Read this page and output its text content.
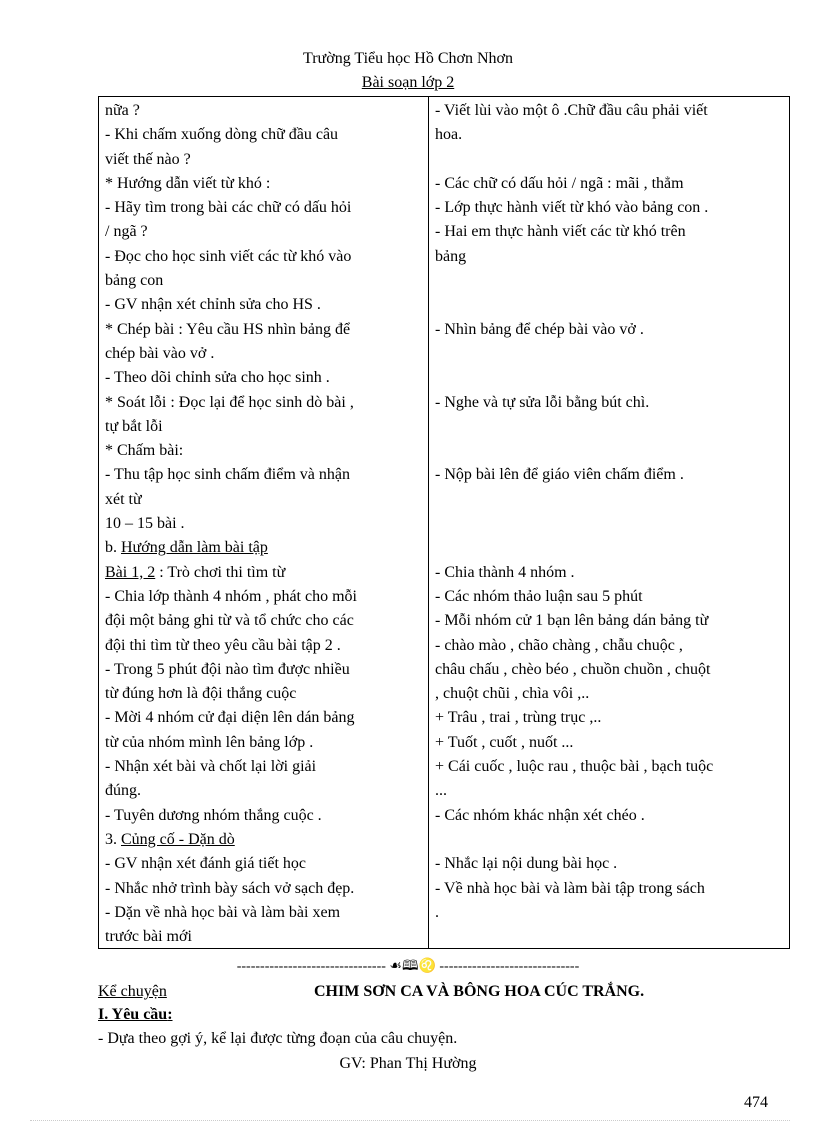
Trường Tiểu học Hồ Chơn Nhơn
Bài soạn lớp 2
nữa ?
- Khi chấm xuống dòng chữ đầu câu
viết thế nào ?
* Hướng dẫn viết từ khó :
- Hãy tìm trong bài các chữ có dấu hỏi
/ ngã ?
- Đọc cho học sinh viết các từ khó vào
bảng con
- GV nhận xét chỉnh sửa cho HS .
* Chép bài : Yêu cầu HS nhìn bảng để
chép bài vào vở .
- Theo dõi chỉnh sửa cho học sinh .
* Soát lỗi : Đọc lại để học sinh dò bài ,
tự bắt lỗi
* Chấm bài:
- Thu tập học sinh chấm điểm và nhận
xét từ
10 – 15 bài .
b. Hướng dẫn làm bài tập
Bài 1, 2 : Trò chơi thi tìm từ
- Chia lớp thành 4 nhóm , phát cho mỗi
đội một bảng ghi từ và tổ chức cho các
đội thi tìm từ theo yêu cầu bài tập 2 .
- Trong 5 phút đội nào tìm được nhiều
từ đúng hơn là đội thắng cuộc
- Mời 4 nhóm cử đại diện lên dán bảng
từ của nhóm mình lên bảng lớp .
- Nhận xét bài và chốt lại lời giải
đúng.
- Tuyên dương nhóm thắng cuộc .
3. Củng cố - Dặn dò
- GV nhận xét đánh giá tiết học
- Nhắc nhở trình bày sách vở sạch đẹp.
- Dặn về nhà học bài và làm bài xem
trước bài mới
- Viết lùi vào một ô .Chữ đầu câu phải viết
hoa.
- Các chữ có dấu hỏi / ngã : mãi , thẳm
- Lớp thực hành viết từ khó vào bảng con .
- Hai em thực hành viết các từ khó trên
bảng
- Nhìn bảng để chép bài vào vở .
- Nghe và tự sửa lỗi bằng bút chì.
- Nộp bài lên để giáo viên chấm điểm .
- Chia thành 4 nhóm .
- Các nhóm thảo luận sau 5 phút
- Mỗi nhóm cử 1 bạn lên bảng dán bảng từ
- chào mào , chão chàng , chẫu chuộc ,
châu chấu , chèo béo , chuồn chuồn , chuột
, chuột chũi , chìa vôi ,..
+ Trâu , trai , trùng trục ,..
+ Tuốt , cuốt , nuốt ...
+ Cái cuốc , luộc rau , thuộc bài , bạch tuộc
...
- Các nhóm khác nhận xét chéo .
- Nhắc lại nội dung bài học .
- Về nhà học bài và làm bài tập trong sách
.
-------------------------------- ☙🕮♌ ------------------------------
Kể chuyện	CHIM SƠN CA VÀ BÔNG HOA CÚC TRẮNG.
I. Yêu cầu:
- Dựa theo gợi ý, kể lại được từng đoạn của câu chuyện.
GV: Phan Thị Hường
474
